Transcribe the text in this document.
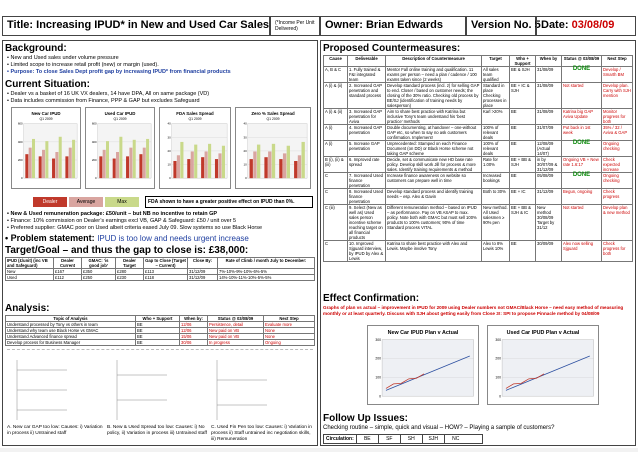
Title: Increasing IPUD* in New and Used Car Sales	(*Income Per Unit Delivered)	Owner: Brian Edwards	Version No. 5 Date: 03/08/09
Background:
• New and Used sales under volume pressure
• Limited scope to increase retail profit (new) or margin (used).
• Purpose: To close Sales Dept profit gap by increasing IPUD* from financial products
Current Situation:
• Dealer vs a basket of 16 UK VX dealers, 14 have DPA, All on same package (VD)
• Data includes commission from Finance, PPP & GAP but excludes Safeguard
New Car IPUD
Q1 2009
600
400
200
0
Used Car IPUD
Q1 2009
600
400
200
0
FDA Sales Spread
Q1 2009
40
30
20
10
0
Zero % Sales Spread
Q1 2009
40
30
20
10
0
Dealer	Average	Max	FDA shown to have a greater positive effect on IPUD than 0%.
• New & Used remuneration package: £50/unit – but NB no incentive to retain GP
• Finance: 10% commission on Dealer’s earnings excl VB, GAP & Safeguard: £50 / unit over 5
• Preferred supplier: GMAC poor on Used albeit criteria eased July 09. Slow systems so use Black Horse
• Problem statement: IPUD is too low and needs urgent increase
Target/Goal – and thus the gap to close is: £38,000:
IPUD (£/unit) (inc VB and Safeguard)	Dealer Current	GMAC: ‘is good job’	Dealer Target	Gap to Close (Target – Current)	Close By:	Rate of Climb / month July to December:
New	£167	£350	£280	£113	31/12/09	7%-10%-9%-10%-6%-5%
Used	£112	£250	£230	£118	31/12/09	14%-10%-11%-10%-5%-5%
Analysis:
Topic of Analysis	Who + Support	When by:	Status @ 03/08/09	Next Step
Understand processed by Tony vs others in team	BE	12/06	Persistence, detail	Evaluate more
Understand why team use Black Horse vs GMAC	BE	12/06	New paid on VB	None
Understand Advanced finance spread	BE	15/06	New paid on VB	None
Develop process for Business Manager	BE	30/06	In progress	Ongoing
A. New car GAP too low: Causes: i) Variation in process ii) Untrained staff
B. New & Used Spread too low: Causes: i) No policy, ii) Variation in process iii) Untrained staff
C. Used Fin Pen too low: Causes: i) Variation in process ii) Staff untrained inc negotiation skills, iii) Remuneration
Proposed Countermeasures:
Cause	Deliverable	Description of Countermeasure	Target	Who + Support	When by	Status @ 03/08/09	Next Step
A, B & C	1. Fully trained & F&I integrated team	Mentor Fall online training and qualification. 11 exams per person – need a plan / cadence / 100 exams taken since (2 weeks)	All sales team qualified	BE & SJH	31/08/09	DONE	Develop / Smarth BM
A (i) & (ii)	2. Increased GAP penetration and standard process	Develop standard process (incl. z) for selling GAP to end. Closer / based on customer needs; the closing of the 30% ratio. Checking old process by BE/SJ (identification of training needs by salesperson)	Standard in place Checking processes in place	BE + IC & SJH	31/08/09	Not started	Develop plan. Carry with SJH mention
A (i) & (ii)	3. Increased GAP penetration for Aviva	Aim to share best practice with Katrina but inclusive Tony’s team understand his ‘best practice’ methods	Karl >20%	BE	31/08/09	Katrina big GAP Aviva Update	Monitor progress for both
A (i)	4. Increased GAP penetration	Double documenting, at handover – one-without GAP etc, so when to say no ask customers confirmation. Implement!	100% of relevant deals	BE	31/07/09	Put back in 1st week	35% / 32 / Aviva & GAP
A (i)	5. Increase GAP penetration	Unprecedented: Stamped on each Finance Document (on DD) or Black Horse scheme not taking GAP scheme	100% of relevant deals	BE	12/08/09 (Actual 14/07)	DONE	Ongoing checking
B (i), (ii) & (iii)	6. Improved rate spread	Decide, set & communicate new HD base rate policy. Develop skill work Jill for process & more sales. Identify training requirements & method	Rate for 1.00%	BE + BB & SJH	in by 30/07/09 & 31/12/09	Ongoing VB + New rate 1.6:17	Check expected increase
C	7. Increased Used finance penetration	Increase finance awareness on website so customers can prepare well in time	Increased bookings	BE	05/08/09	DONE	Ongoing checking
C	8. Increased Used finance penetration	Develop standard process and identify training needs – esp. Alex & Gavin	Both to 30%	BE + IC	31/12/09	Begun, ongoing	Check progress
C (iii)	9. Select (New as well as) Used sales person incentive scheme reaching target on all financial products	Different remuneration method – based on IPUD – as performance. Pay on VB ASAP to max. policy. Note both with GMAC but must sell 100% products to 100% customers; 90% of time Standard process VITAL	New method. All Used salesmen ≥ 90% pen	BE + BB & SJH & IC	New method 30/08/09 Target by 31/12	Not started	Develop plan & new method
C	10. Improved Sjguard interview, by IPUD by Alex & Lewis	Katrina to share best practice with Alex and Lewis. Maybe involve Tony	Alex to 8% Lewis 10%	BE	30/09/09	Alex now selling Sjguard	Check progress for both
Effect Confirmation:
Graphs of plan vs actual – improvement in IPUD for 2009 using Dealer numbers not GMAC/Black Horse – need easy method of measuring monthly or at least quarterly. Discuss with SJH about getting easily from Close 3!: SPI to propose Pinnacle method by 04/08/09
New Car IPUD Plan v Actual
300
200
100
0
Used Car IPUD Plan v Actual
300
200
100
0
Follow Up Issues:
Checking routine – simple, quick and visual – HOW? – Playing a sample of customers?
Circulation:	BE	SF	SH	SJH	NC
